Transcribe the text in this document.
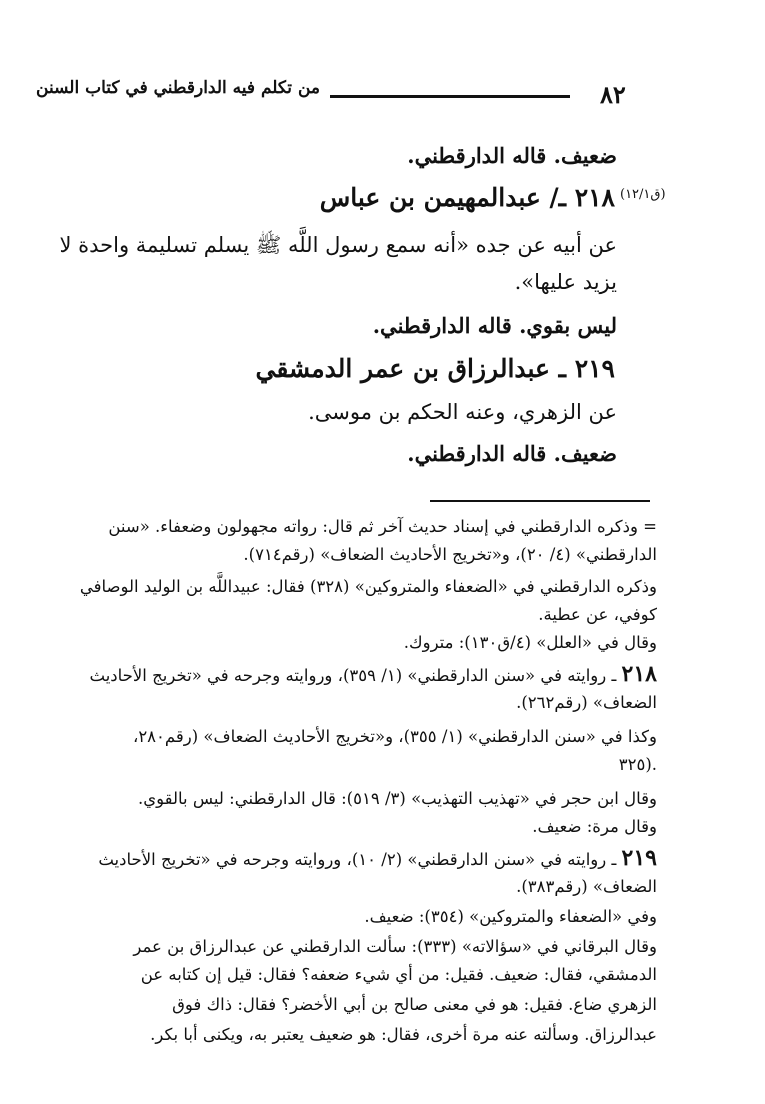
٨٢
من تكلم فيه الدارقطني في كتاب السنن
ضعيف. قاله الدارقطني.
(ق١٢/١)
٢١٨ ـ/ عبدالمهيمن بن عباس
عن أبيه عن جده «أنه سمع رسول اللَّه ﷺ يسلم تسليمة واحدة لا
يزيد عليها».
ليس بقوي. قاله الدارقطني.
٢١٩ ـ عبدالرزاق بن عمر الدمشقي
عن الزهري، وعنه الحكم بن موسى.
ضعيف. قاله الدارقطني.
= وذكره الدارقطني في إسناد حديث آخر ثم قال: رواته مجهولون وضعفاء. «سنن
الدارقطني» (٤/ ٢٠)، و«تخريج الأحاديث الضعاف» (رقم٧١٤).
وذكره الدارقطني في «الضعفاء والمتروكين» (٣٢٨) فقال: عبيداللَّه بن الوليد الوصافي
كوفي، عن عطية.
وقال في «العلل» (٤/ق١٣٠): متروك.
٢١٨ ـ روايته في «سنن الدارقطني» (١/ ٣٥٩)، وروايته وجرحه في «تخريج الأحاديث
الضعاف» (رقم٢٦٢).
وكذا في «سنن الدارقطني» (١/ ٣٥٥)، و«تخريج الأحاديث الضعاف» (رقم٢٨٠،
٣٢٥).
وقال ابن حجر في «تهذيب التهذيب» (٣/ ٥١٩): قال الدارقطني: ليس بالقوي.
وقال مرة: ضعيف.
٢١٩ ـ روايته في «سنن الدارقطني» (٢/ ١٠)، وروايته وجرحه في «تخريج الأحاديث
الضعاف» (رقم٣٨٣).
وفي «الضعفاء والمتروكين» (٣٥٤): ضعيف.
وقال البرقاني في «سؤالاته» (٣٣٣): سألت الدارقطني عن عبدالرزاق بن عمر
الدمشقي، فقال: ضعيف. فقيل: من أي شيء ضعفه؟ فقال: قيل إن كتابه عن
الزهري ضاع. فقيل: هو في معنى صالح بن أبي الأخضر؟ فقال: ذاك فوق
عبدالرزاق. وسألته عنه مرة أخرى، فقال: هو ضعيف يعتبر به، ويكنى أبا بكر.
